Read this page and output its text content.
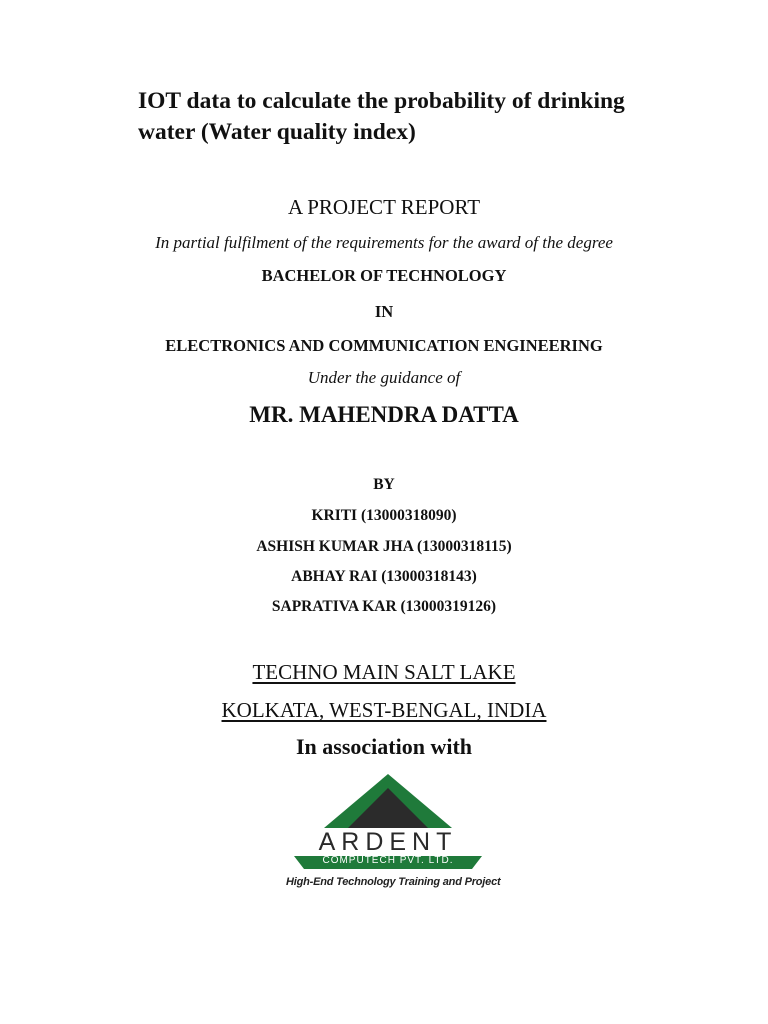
IOT data to calculate the probability of drinking
water (Water quality index)

A PROJECT REPORT

In partial fulfilment of the requirements for the award of the degree

BACHELOR OF TECHNOLOGY

IN

ELECTRONICS AND COMMUNICATION ENGINEERING

Under the guidance of

MR. MAHENDRA DATTA

BY

KRITI (13000318090)

ASHISH KUMAR JHA (13000318115)

ABHAY RAI (13000318143)

SAPRATIVA KAR (13000319126)

TECHNO MAIN SALT LAKE

KOLKATA, WEST-BENGAL, INDIA

In association with

ARDENT
COMPUTECH PVT. LTD.
High-End Technology Training and Project
